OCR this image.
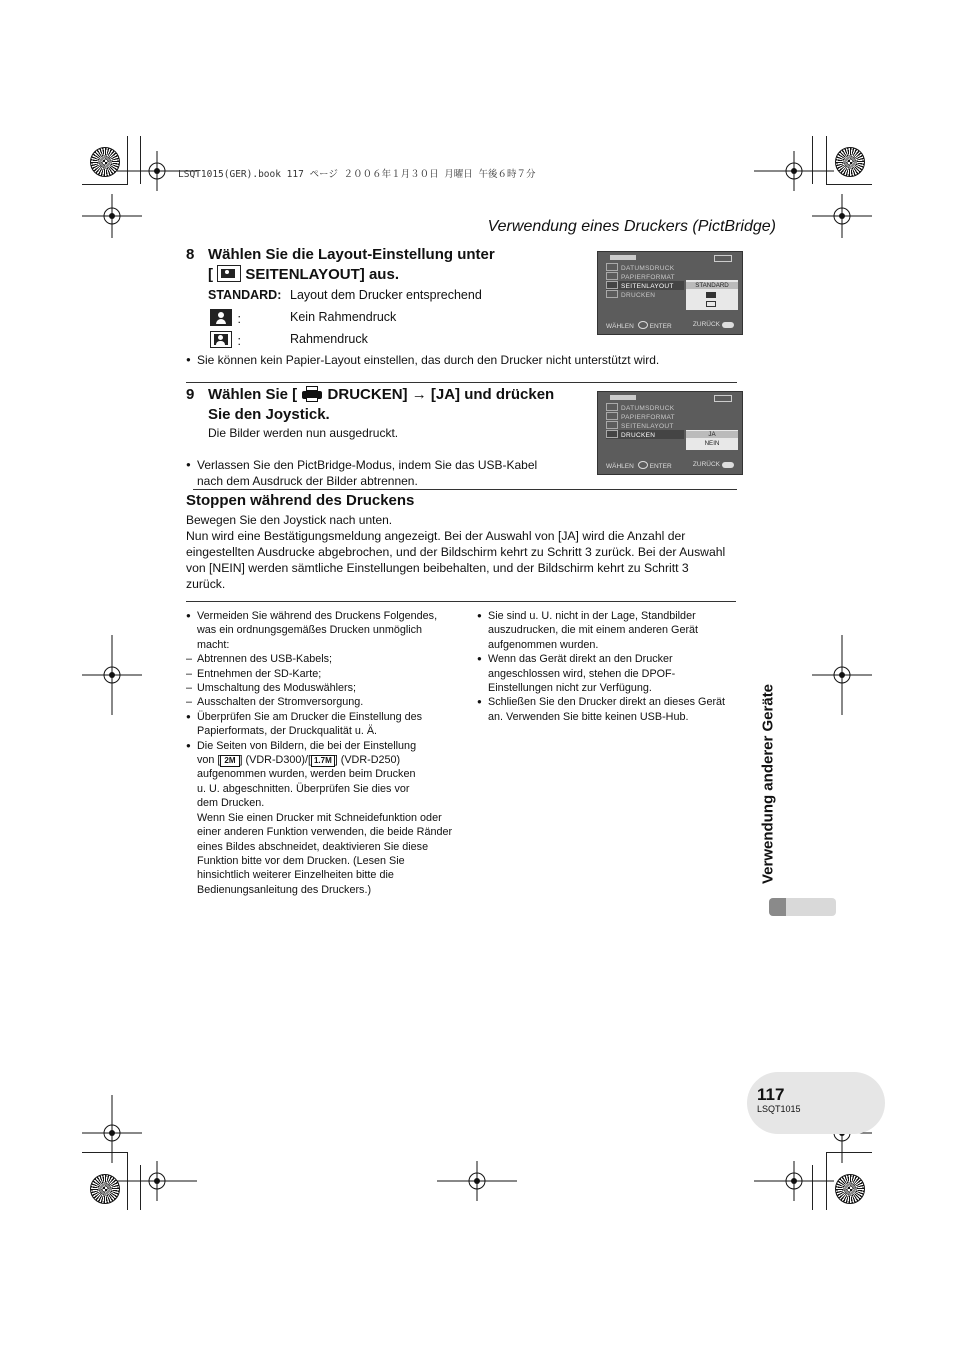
LSQT1015(GER).book 117 ページ ２００６年１月３０日 月曜日 午後６時７分
Verwendung eines Druckers (PictBridge)
8 Wählen Sie die Layout-Einstellung unter
[ SEITENLAYOUT] aus.
STANDARD: Layout dem Drucker entsprechend
:	Kein Rahmendruck
:	Rahmendruck
● Sie können kein Papier-Layout einstellen, das durch den Drucker nicht unterstützt wird.
DATUMSDRUCK
PAPIERFORMAT
SEITENLAYOUT
DRUCKEN
STANDARD
WÄHLEN ENTER	ZURÜCK
9 Wählen Sie [ DRUCKEN] → [JA] und drücken
Sie den Joystick.
Die Bilder werden nun ausgedruckt.
● Verlassen Sie den PictBridge-Modus, indem Sie das USB-Kabel
nach dem Ausdruck der Bilder abtrennen.
DATUMSDRUCK
PAPIERFORMAT
SEITENLAYOUT
DRUCKEN	JA
NEIN
WÄHLEN ENTER	ZURÜCK
Stoppen während des Druckens
Bewegen Sie den Joystick nach unten.
Nun wird eine Bestätigungsmeldung angezeigt. Bei der Auswahl von [JA] wird die Anzahl der eingestellten Ausdrucke abgebrochen, und der Bildschirm kehrt zu Schritt 3 zurück. Bei der Auswahl von [NEIN] werden sämtliche Einstellungen beibehalten, und der Bildschirm kehrt zu Schritt 3 zurück.
● Vermeiden Sie während des Druckens Folgendes, was ein ordnungsgemäßes Drucken unmöglich macht:
– Abtrennen des USB-Kabels;
– Entnehmen der SD-Karte;
– Umschaltung des Moduswählers;
– Ausschalten der Stromversorgung.
● Überprüfen Sie am Drucker die Einstellung des Papierformats, der Druckqualität u. Ä.
● Die Seiten von Bildern, die bei der Einstellung
von [ 2M ] (VDR-D300)/[ 1.7M ] (VDR-D250)
aufgenommen wurden, werden beim Drucken u. U. abgeschnitten. Überprüfen Sie dies vor dem Drucken.
Wenn Sie einen Drucker mit Schneidefunktion oder einer anderen Funktion verwenden, die beide Ränder eines Bildes abschneidet, deaktivieren Sie diese Funktion bitte vor dem Drucken. (Lesen Sie hinsichtlich weiterer Einzelheiten bitte die Bedienungsanleitung des Druckers.)
● Sie sind u. U. nicht in der Lage, Standbilder auszudrucken, die mit einem anderen Gerät aufgenommen wurden.
● Wenn das Gerät direkt an den Drucker angeschlossen wird, stehen die DPOF-Einstellungen nicht zur Verfügung.
● Schließen Sie den Drucker direkt an dieses Gerät an. Verwenden Sie bitte keinen USB-Hub.	Verwendung anderer Geräte
117
LSQT1015
